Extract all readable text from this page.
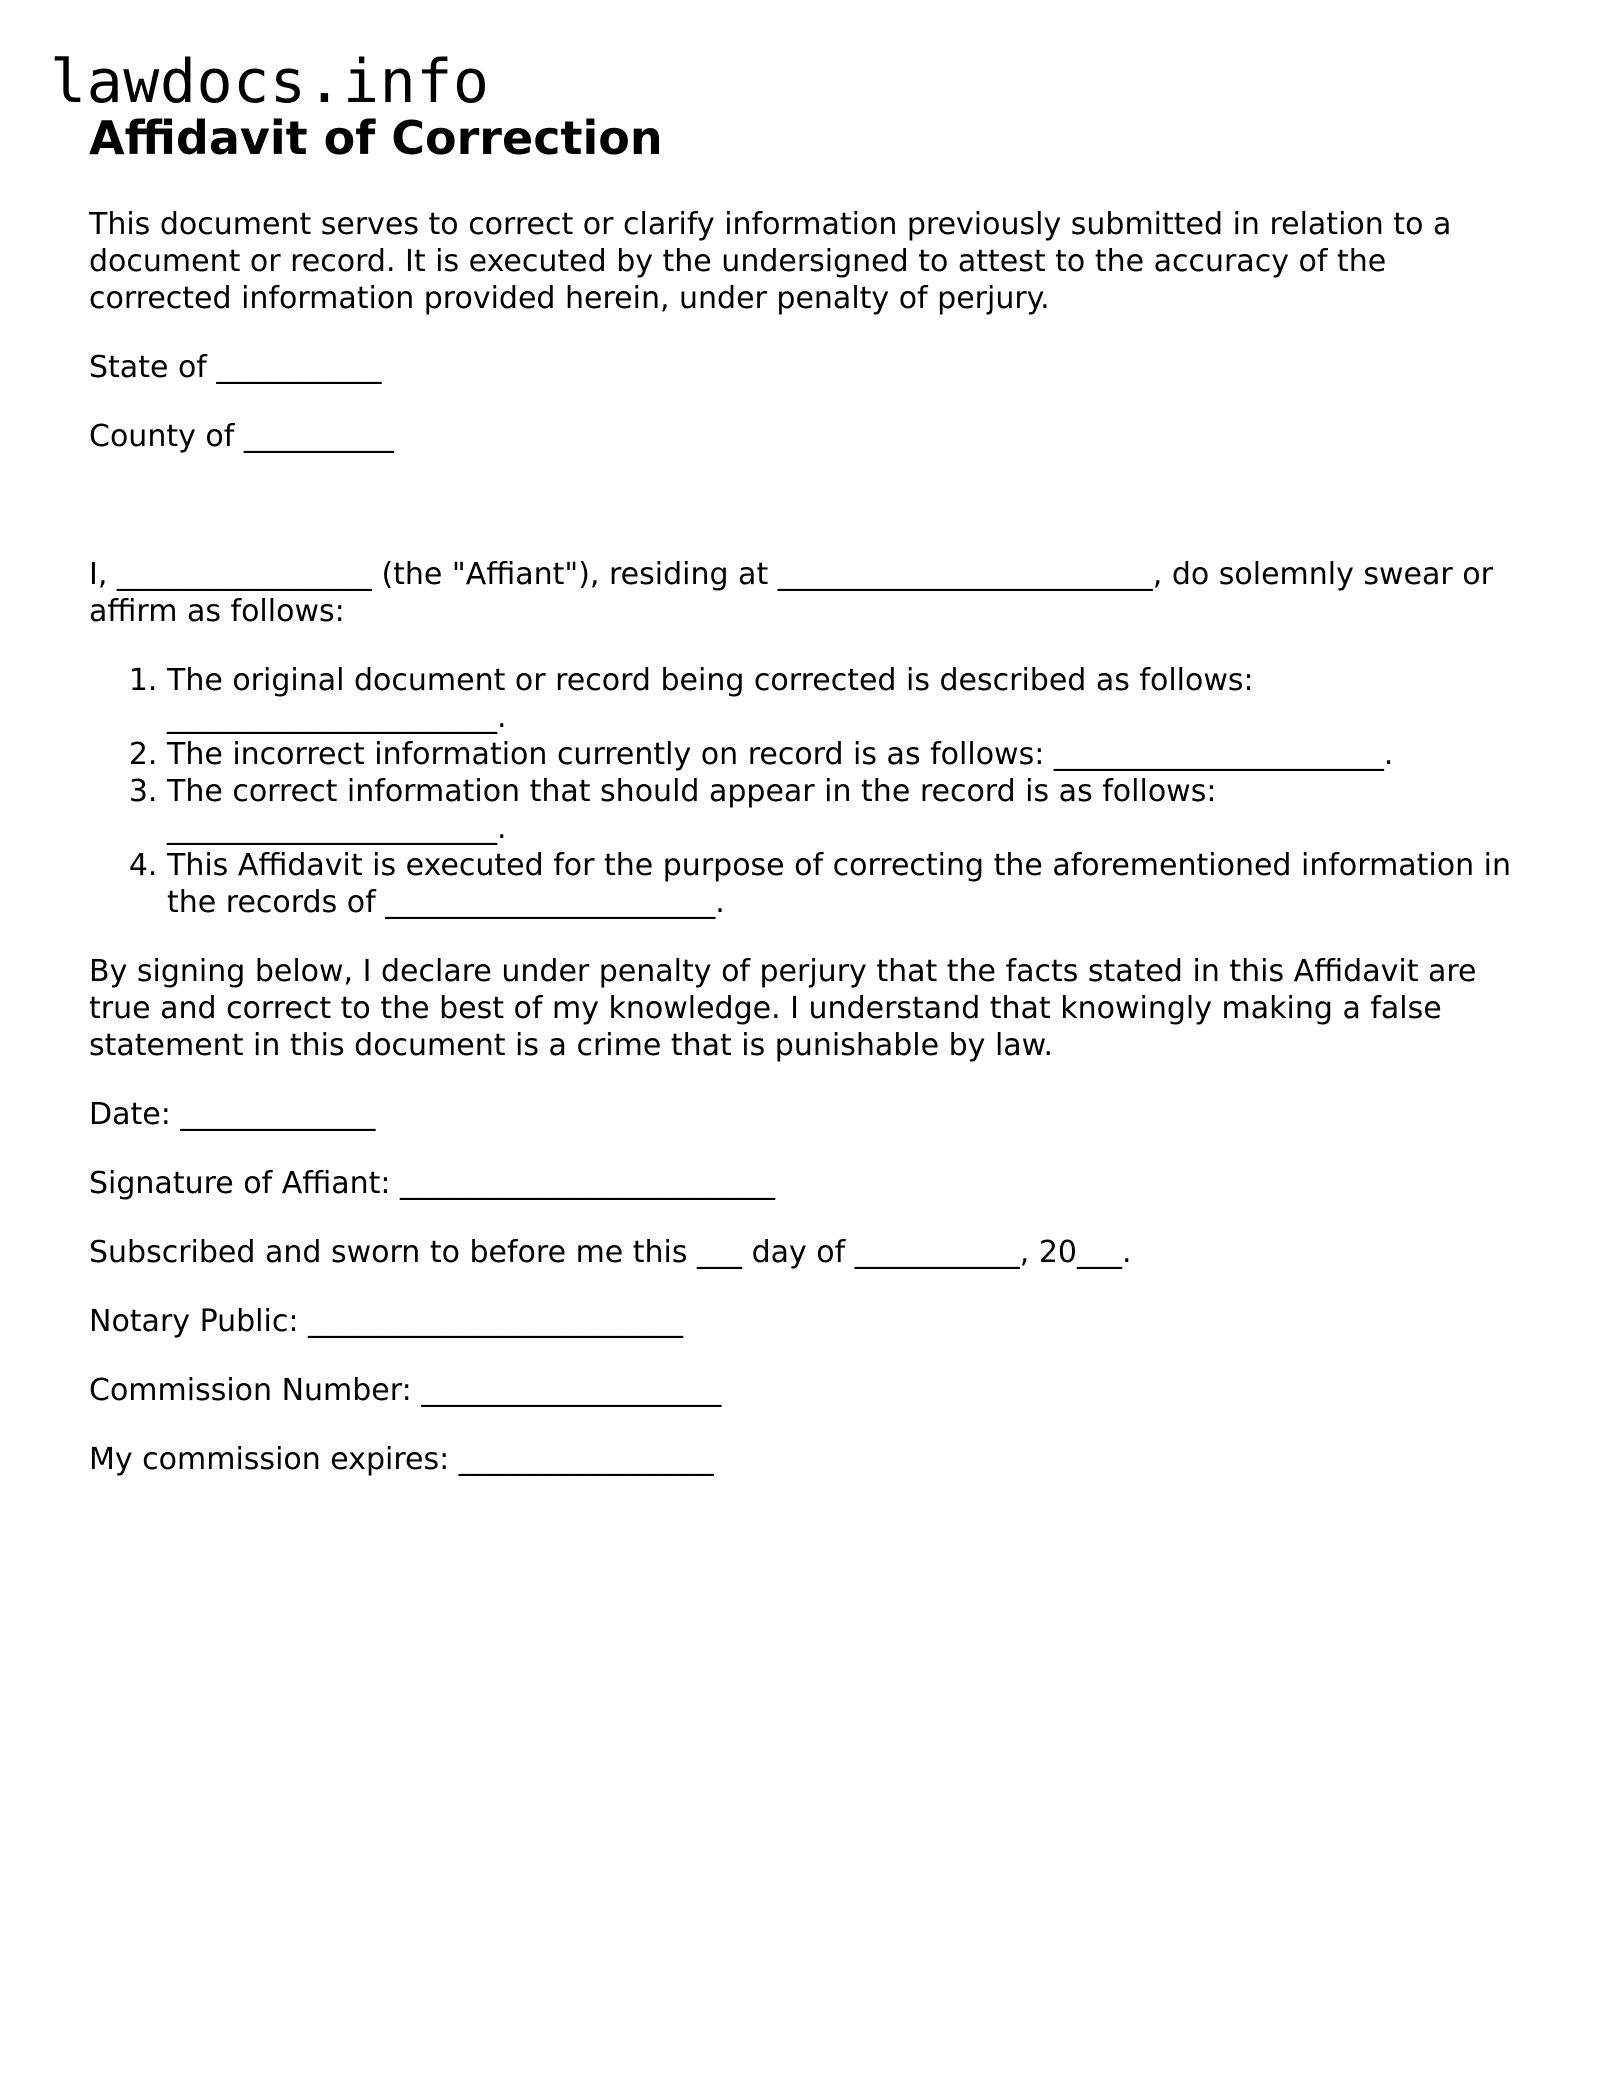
lawdocs.info
Affidavit of Correction

This document serves to correct or clarify information previously submitted in relation to a document or record. It is executed by the undersigned to attest to the accuracy of the corrected information provided herein, under penalty of perjury.

State of ___________

County of __________

I, _________________ (the "Affiant"), residing at _________________________, do solemnly swear or affirm as follows:

1. The original document or record being corrected is described as follows: ______________________.
2. The incorrect information currently on record is as follows: ______________________.
3. The correct information that should appear in the record is as follows: ______________________.
4. This Affidavit is executed for the purpose of correcting the aforementioned information in the records of ______________________.

By signing below, I declare under penalty of perjury that the facts stated in this Affidavit are true and correct to the best of my knowledge. I understand that knowingly making a false statement in this document is a crime that is punishable by law.

Date: _____________

Signature of Affiant: _________________________

Subscribed and sworn to before me this ___ day of ___________, 20___.

Notary Public: _________________________

Commission Number: ____________________

My commission expires: _________________
